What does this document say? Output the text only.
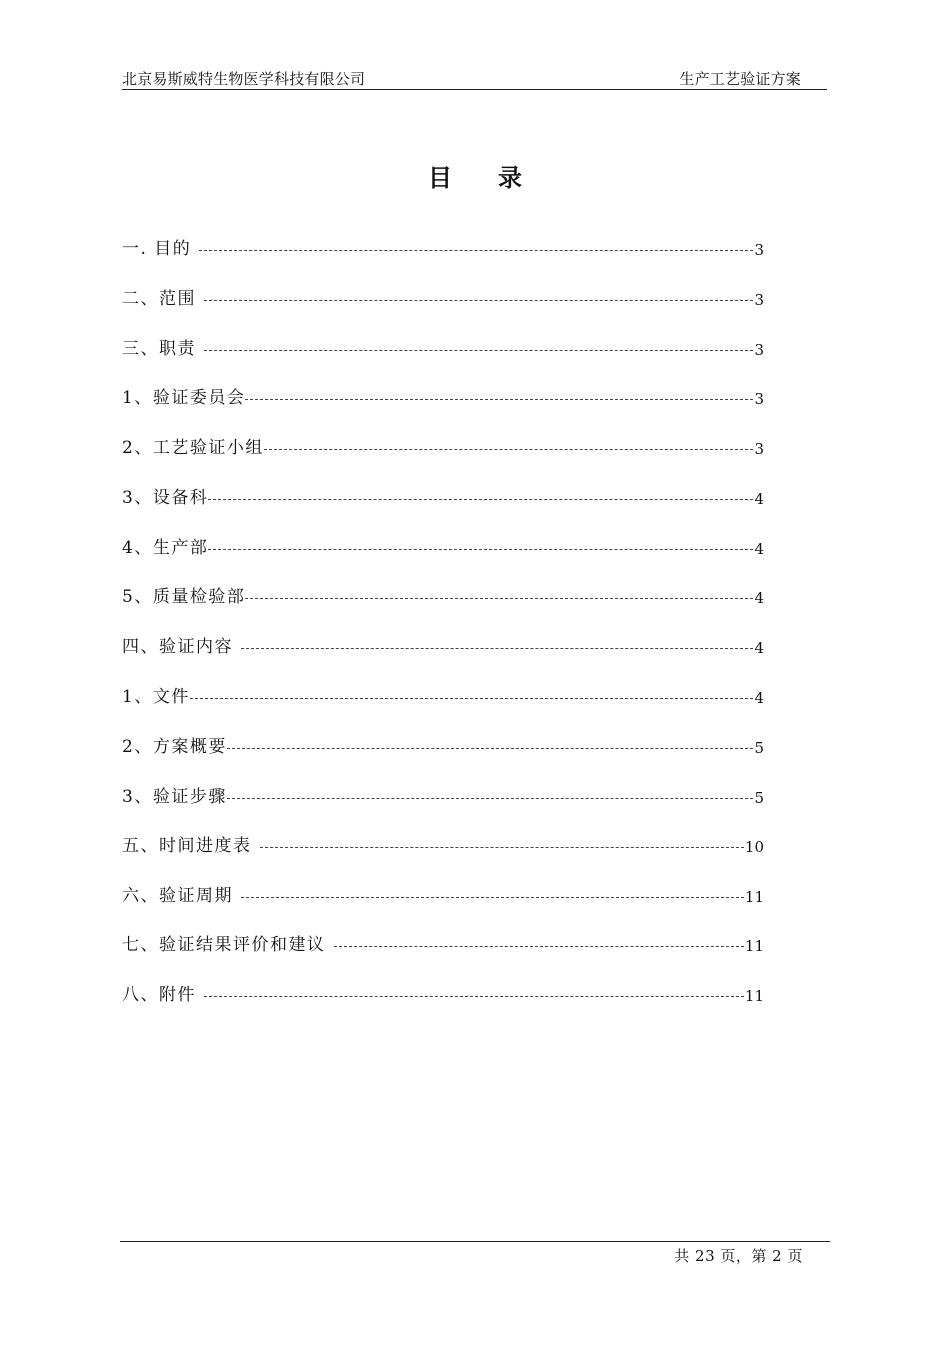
北京易斯威特生物医学科技有限公司	生产工艺验证方案
目录
一. 目的	3
二、范围	3
三、职责	3
1、验证委员会	3
2、工艺验证小组	3
3、设备科	4
4、生产部	4
5、质量检验部	4
四、验证内容	4
1、文件	4
2、方案概要	5
3、验证步骤	5
五、时间进度表	10
六、验证周期	11
七、验证结果评价和建议	11
八、附件	11
共 23 页，第 2 页
